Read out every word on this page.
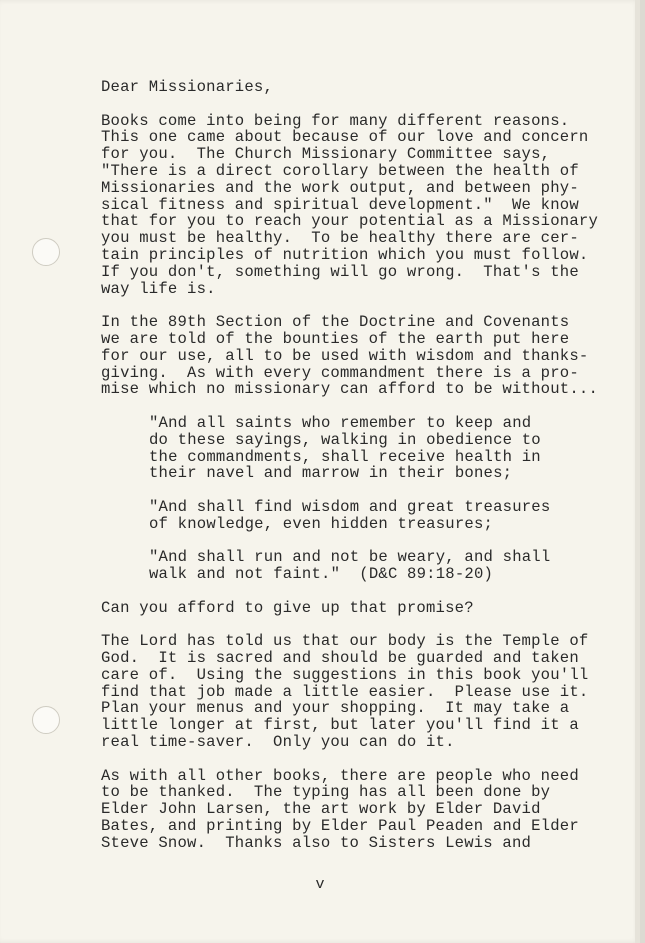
Dear Missionaries,
Books come into being for many different reasons.
This one came about because of our love and concern
for you.  The Church Missionary Committee says,
"There is a direct corollary between the health of
Missionaries and the work output, and between phy-
sical fitness and spiritual development."  We know
that for you to reach your potential as a Missionary
you must be healthy.  To be healthy there are cer-
tain principles of nutrition which you must follow.
If you don't, something will go wrong.  That's the
way life is.
In the 89th Section of the Doctrine and Covenants
we are told of the bounties of the earth put here
for our use, all to be used with wisdom and thanks-
giving.  As with every commandment there is a pro-
mise which no missionary can afford to be without...
"And all saints who remember to keep and
do these sayings, walking in obedience to
the commandments, shall receive health in
their navel and marrow in their bones;
"And shall find wisdom and great treasures
of knowledge, even hidden treasures;
"And shall run and not be weary, and shall
walk and not faint."  (D&C 89:18-20)
Can you afford to give up that promise?
The Lord has told us that our body is the Temple of
God.  It is sacred and should be guarded and taken
care of.  Using the suggestions in this book you'll
find that job made a little easier.  Please use it.
Plan your menus and your shopping.  It may take a
little longer at first, but later you'll find it a
real time-saver.  Only you can do it.
As with all other books, there are people who need
to be thanked.  The typing has all been done by
Elder John Larsen, the art work by Elder David
Bates, and printing by Elder Paul Peaden and Elder
Steve Snow.  Thanks also to Sisters Lewis and
v
